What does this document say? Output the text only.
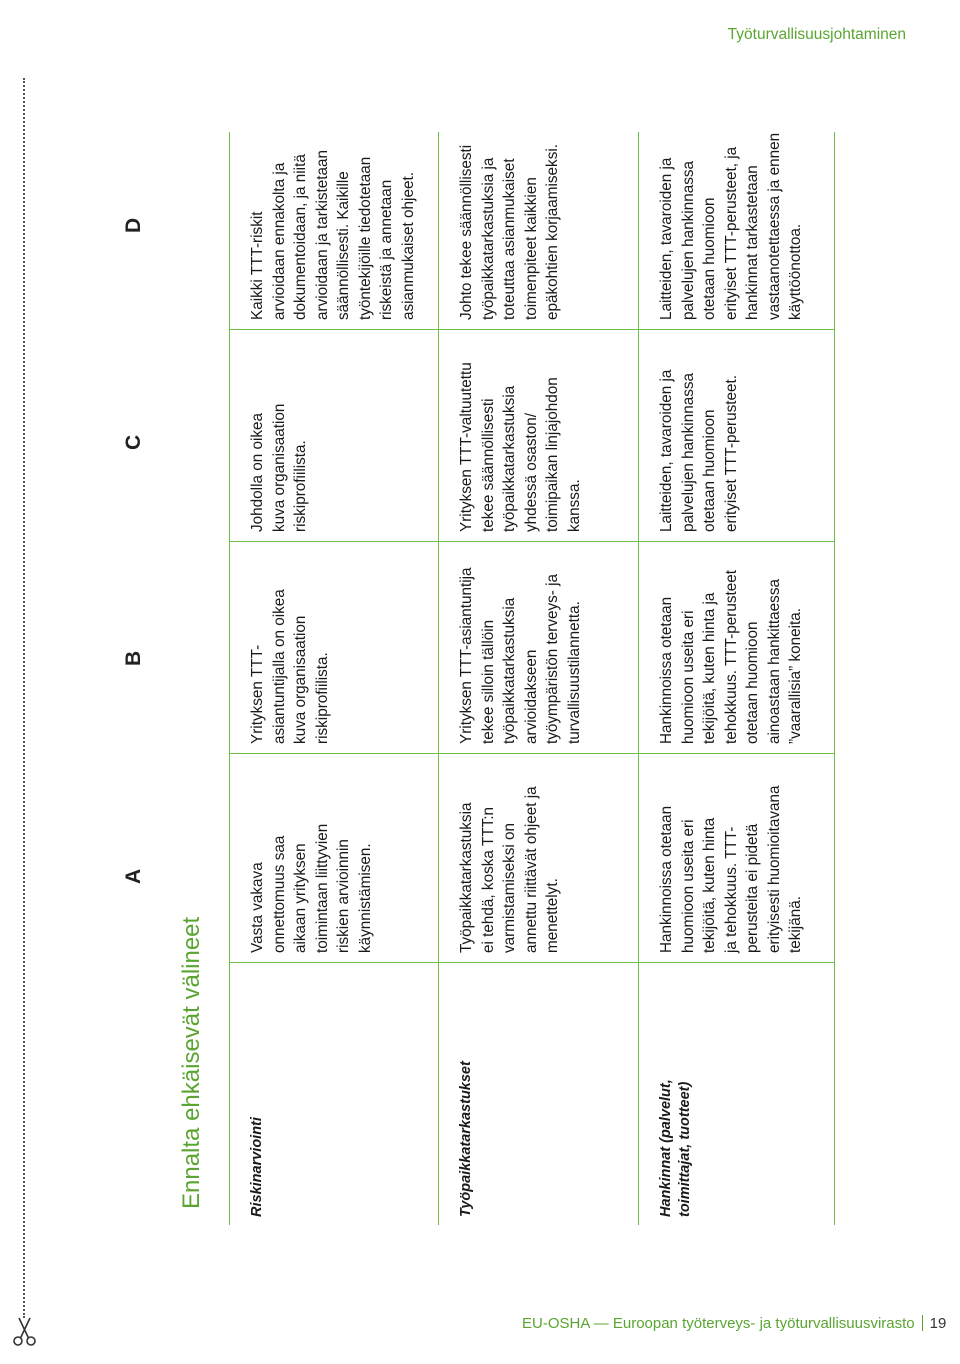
Työturvallisuusjohtaminen
EU-OSHA — Euroopan työterveys- ja työturvallisuusvirasto 19
Ennalta ehkäisevät välineet
A
B
C
D
Riskinarviointi
Vasta vakava onnettomuus saa aikaan yrityksen toimintaan liittyvien riskien arvioinnin käynnistämisen.
Yrityksen TTT- asiantuntijalla on oikea kuva organisaation riskiprofiilista.
Johdolla on oikea kuva organisaation riskiprofiilista.
Kaikki TTT-riskit arvioidaan ennakolta ja dokumentoidaan, ja niitä arvioidaan ja tarkistetaan säännöllisesti. Kaikille työntekijöille tiedotetaan riskeistä ja annetaan asianmukaiset ohjeet.
Työpaikkatarkastukset
Työpaikkatarkastuksia ei tehdä, koska TTT:n varmistamiseksi on annettu riittävät ohjeet ja menettelyt.
Yrityksen TTT-asiantuntija tekee silloin tällöin työpaikkatarkastuksia arvioidakseen työympäristön terveys- ja turvallisuustilannetta.
Yrityksen TTT-valtuutettu tekee säännöllisesti työpaikkatarkastuksia yhdessä osaston/ toimipaikan linjajohdon kanssa.
Johto tekee säännöllisesti työpaikkatarkastuksia ja toteuttaa asianmukaiset toimenpiteet kaikkien epäkohtien korjaamiseksi.
Hankinnat (palvelut, toimittajat, tuotteet)
Hankinnoissa otetaan huomioon useita eri tekijöitä, kuten hinta ja tehokkuus. TTT- perusteita ei pidetä erityisesti huomioitavana tekijänä.
Hankinnoissa otetaan huomioon useita eri tekijöitä, kuten hinta ja tehokkuus. TTT-perusteet otetaan huomioon ainoastaan hankittaessa ”vaarallisia” koneita.
Laitteiden, tavaroiden ja palvelujen hankinnassa otetaan huomioon erityiset TTT-perusteet.
Laitteiden, tavaroiden ja palvelujen hankinnassa otetaan huomioon erityiset TTT-perusteet, ja hankinnat tarkastetaan vastaanotettaessa ja ennen käyttöönottoa.
